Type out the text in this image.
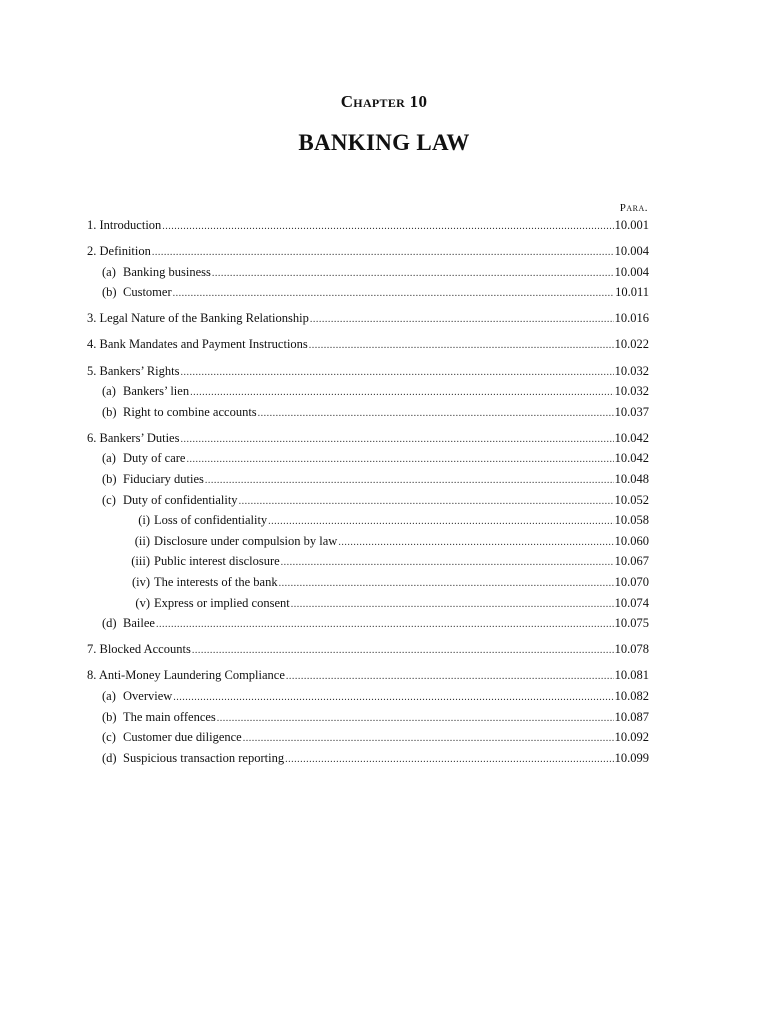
Chapter 10
BANKING LAW
Para.
1. Introduction .....	10.001
2. Definition .....	10.004
(a) Banking business .....	10.004
(b) Customer .....	10.011
3. Legal Nature of the Banking Relationship .....	10.016
4. Bank Mandates and Payment Instructions .....	10.022
5. Bankers’ Rights .....	10.032
(a) Bankers’ lien .....	10.032
(b) Right to combine accounts .....	10.037
6. Bankers’ Duties .....	10.042
(a) Duty of care .....	10.042
(b) Fiduciary duties .....	10.048
(c) Duty of confidentiality .....	10.052
(i) Loss of confidentiality .....	10.058
(ii) Disclosure under compulsion by law .....	10.060
(iii) Public interest disclosure .....	10.067
(iv) The interests of the bank .....	10.070
(v) Express or implied consent .....	10.074
(d) Bailee .....	10.075
7. Blocked Accounts .....	10.078
8. Anti-Money Laundering Compliance .....	10.081
(a) Overview .....	10.082
(b) The main offences .....	10.087
(c) Customer due diligence .....	10.092
(d) Suspicious transaction reporting .....	10.099
